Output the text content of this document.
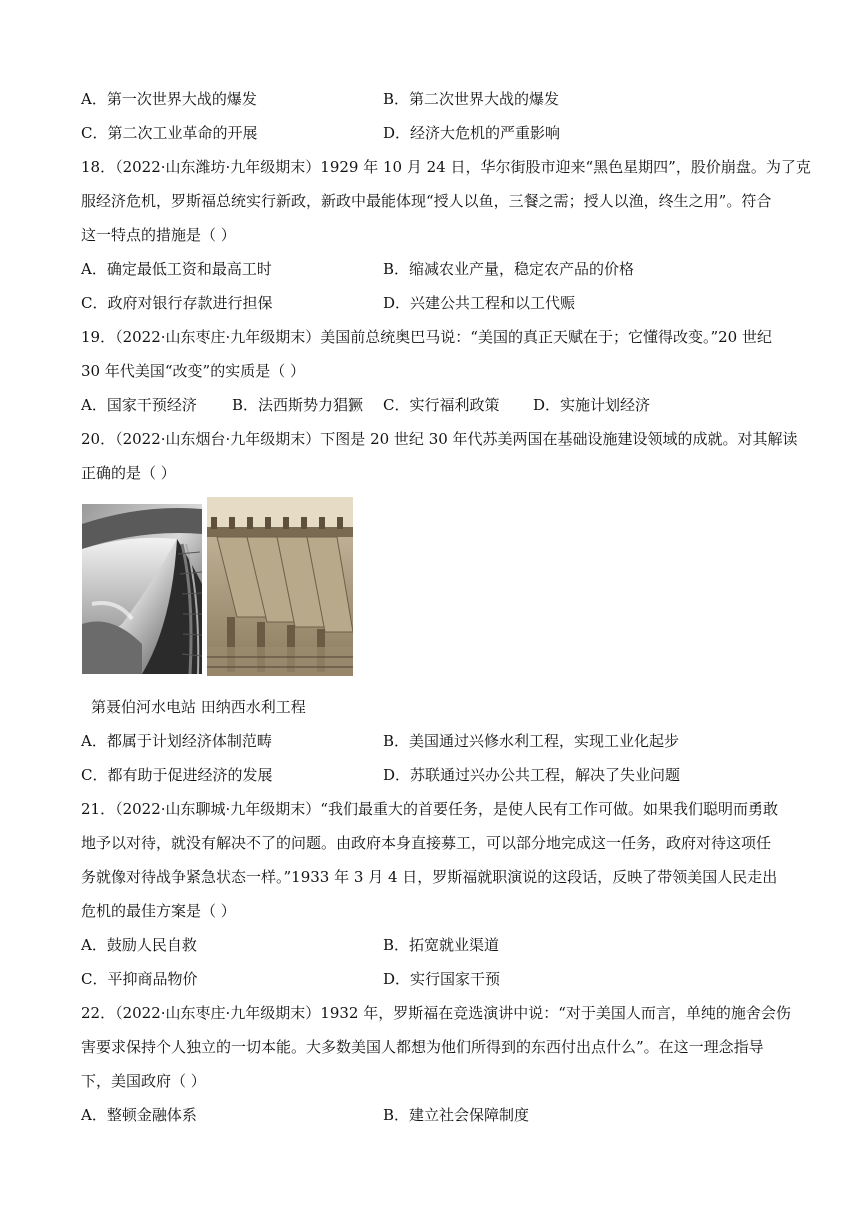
A．第一次世界大战的爆发	B．第二次世界大战的爆发
C．第二次工业革命的开展	D．经济大危机的严重影响
18．（2022·山东潍坊·九年级期末）1929 年 10 月 24 日，华尔街股市迎来“黑色星期四”，股价崩盘。为了克
服经济危机，罗斯福总统实行新政，新政中最能体现“授人以鱼，三餐之需；授人以渔，终生之用”。符合
这一特点的措施是（ ）
A．确定最低工资和最高工时	B．缩减农业产量，稳定农产品的价格
C．政府对银行存款进行担保	D．兴建公共工程和以工代赈
19．（2022·山东枣庄·九年级期末）美国前总统奥巴马说：“美国的真正天赋在于；它懂得改变。”20 世纪
30 年代美国“改变”的实质是（ ）
A．国家干预经济 B．法西斯势力猖獗 C．实行福利政策 D．实施计划经济
20．（2022·山东烟台·九年级期末）下图是 20 世纪 30 年代苏美两国在基础设施建设领域的成就。对其解读
正确的是（ ）
第聂伯河水电站 田纳西水利工程
A．都属于计划经济体制范畴	B．美国通过兴修水利工程，实现工业化起步
C．都有助于促进经济的发展	D．苏联通过兴办公共工程，解决了失业问题
21．（2022·山东聊城·九年级期末）“我们最重大的首要任务，是使人民有工作可做。如果我们聪明而勇敢
地予以对待，就没有解决不了的问题。由政府本身直接募工，可以部分地完成这一任务，政府对待这项任
务就像对待战争紧急状态一样。”1933 年 3 月 4 日，罗斯福就职演说的这段话，反映了带领美国人民走出
危机的最佳方案是（ ）
A．鼓励人民自救	B．拓宽就业渠道
C．平抑商品物价	D．实行国家干预
22．（2022·山东枣庄·九年级期末）1932 年，罗斯福在竞选演讲中说：“对于美国人而言，单纯的施舍会伤
害要求保持个人独立的一切本能。大多数美国人都想为他们所得到的东西付出点什么”。在这一理念指导
下，美国政府（ ）
A．整顿金融体系	B．建立社会保障制度
